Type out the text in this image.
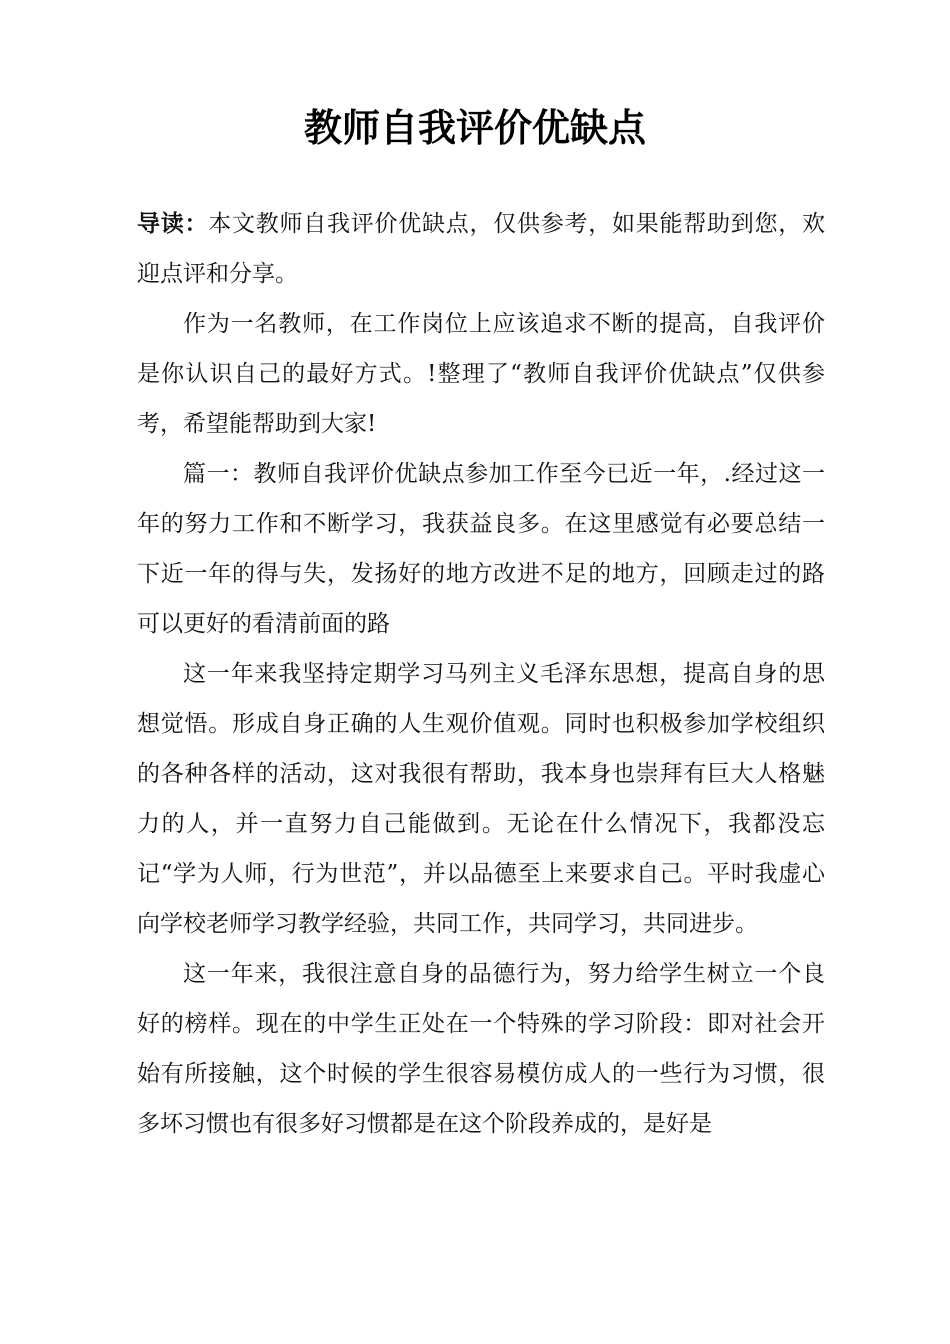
教师自我评价优缺点

导读：本文教师自我评价优缺点，仅供参考，如果能帮助到您，欢迎点评和分享。

作为一名教师，在工作岗位上应该追求不断的提高，自我评价是你认识自己的最好方式。!整理了“教师自我评价优缺点”仅供参考，希望能帮助到大家!

篇一：教师自我评价优缺点参加工作至今已近一年，.经过这一年的努力工作和不断学习，我获益良多。在这里感觉有必要总结一下近一年的得与失，发扬好的地方改进不足的地方，回顾走过的路可以更好的看清前面的路

这一年来我坚持定期学习马列主义毛泽东思想，提高自身的思想觉悟。形成自身正确的人生观价值观。同时也积极参加学校组织的各种各样的活动，这对我很有帮助，我本身也崇拜有巨大人格魅力的人，并一直努力自己能做到。无论在什么情况下，我都没忘记“学为人师，行为世范”，并以品德至上来要求自己。平时我虚心向学校老师学习教学经验，共同工作，共同学习，共同进步。

这一年来，我很注意自身的品德行为，努力给学生树立一个良好的榜样。现在的中学生正处在一个特殊的学习阶段：即对社会开始有所接触，这个时候的学生很容易模仿成人的一些行为习惯，很多坏习惯也有很多好习惯都是在这个阶段养成的，是好是
